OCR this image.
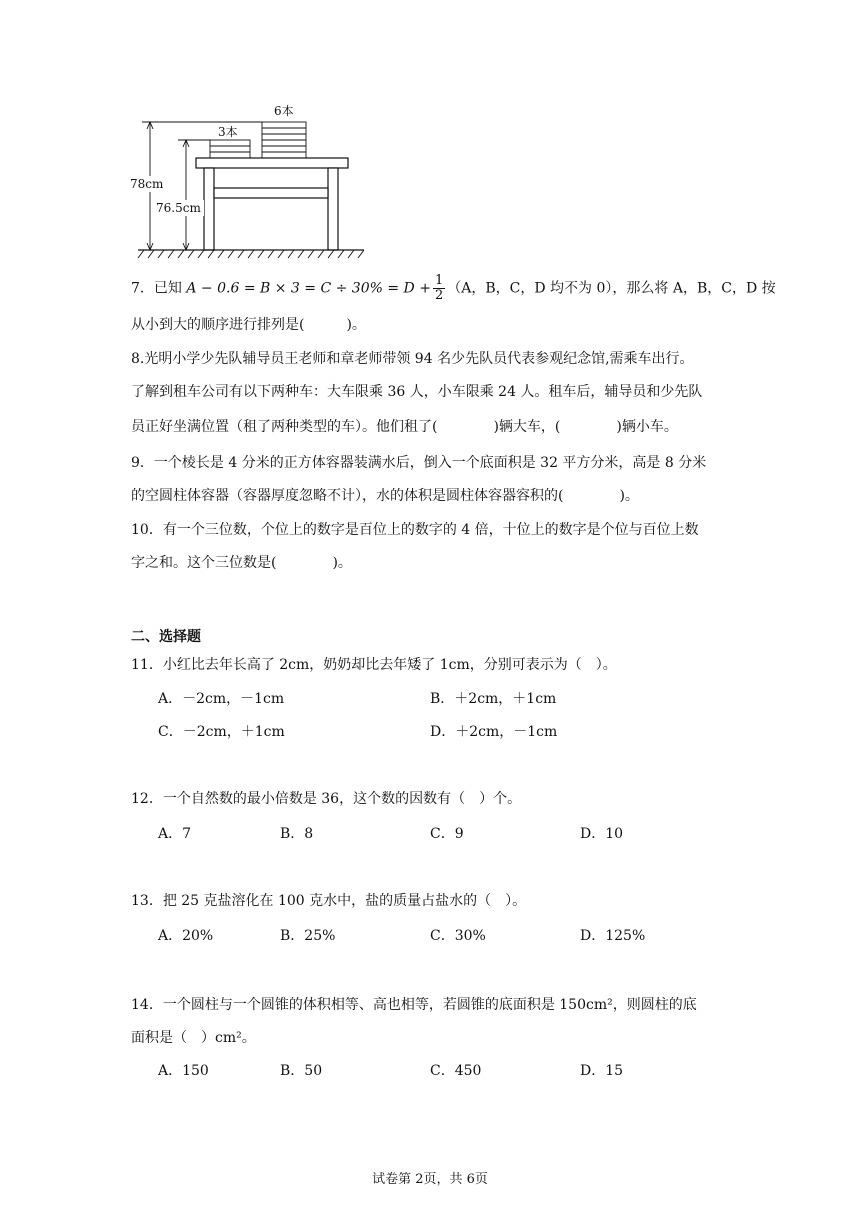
6本
3本
78cm
76.5cm
7．已知 $A - 0.6 = B \times 3 = C \div 30\% = D + \frac{1}{2} (A$，B，C，D 均不为 0），那么将 A，B，C，D 按
从小到大的顺序进行排列是(　　　)。
8.光明小学少先队辅导员王老师和章老师带领 94 名少先队员代表参观纪念馆,需乘车出行。
了解到租车公司有以下两种车：大车限乘 36 人，小车限乘 24 人。租车后，辅导员和少先队
员正好坐满位置（租了两种类型的车）。他们租了(　　　　)辆大车，(　　　　)辆小车。
9．一个棱长是 4 分米的正方体容器装满水后，倒入一个底面积是 32 平方分米，高是 8 分米
的空圆柱体容器（容器厚度忽略不计），水的体积是圆柱体容器容积的(　　　　)。
10．有一个三位数，个位上的数字是百位上的数字的 4 倍，十位上的数字是个位与百位上数
字之和。这个三位数是(　　　　)。
二、选择题
11．小红比去年长高了 2cm，奶奶却比去年矮了 1cm，分别可表示为（　）。
A．－2cm，－1cm	B．＋2cm，＋1cm
C．－2cm，＋1cm	D．＋2cm，－1cm
12．一个自然数的最小倍数是 36，这个数的因数有（　）个。
A．7	B．8	C．9	D．10
13．把 25 克盐溶化在 100 克水中，盐的质量占盐水的（　）。
A．20%	B．25%	C．30%	D．125%
14．一个圆柱与一个圆锥的体积相等、高也相等，若圆锥的底面积是 150cm²，则圆柱的底
面积是（　）cm²。
A．150	B．50	C．450	D．15
试卷第 2页，共 6页
